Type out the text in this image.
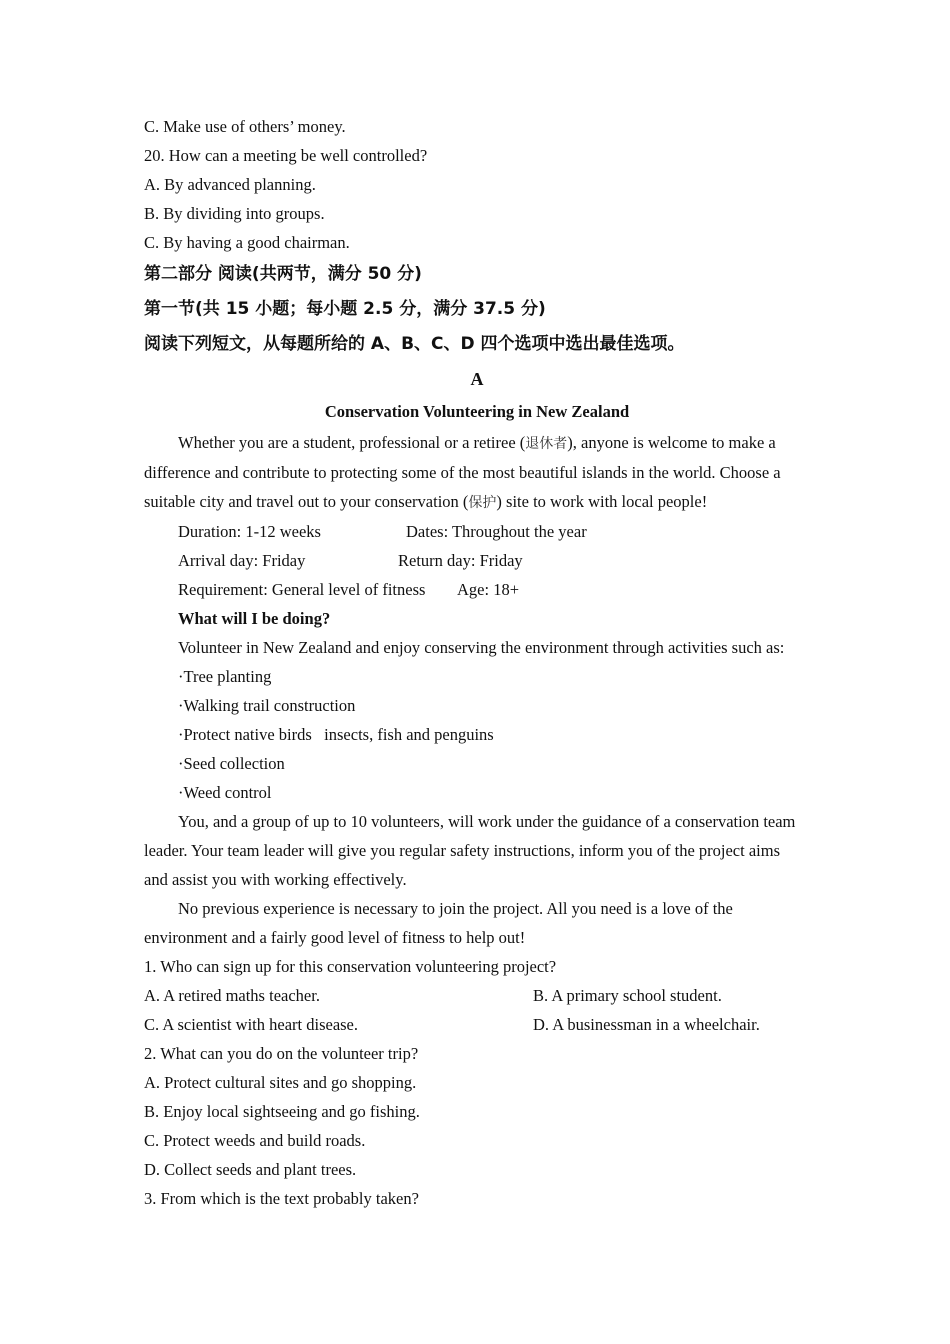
C. Make use of others’ money.
20. How can a meeting be well controlled?
A. By advanced planning.
B. By dividing into groups.
C. By having a good chairman.
第二部分 阅读(共两节，满分 50 分)
第一节(共 15 小题；每小题 2.5 分，满分 37.5 分)
阅读下列短文，从每题所给的 A、B、C、D 四个选项中选出最佳选项。
A
Conservation Volunteering in New Zealand
Whether you are a student, professional or a retiree (退休者), anyone is welcome to make a
difference and contribute to protecting some of the most beautiful islands in the world. Choose a
suitable city and travel out to your conservation (保护) site to work with local people!
Duration: 1-12 weeks	Dates: Throughout the year
Arrival day: Friday	Return day: Friday
Requirement: General level of fitness Age: 18+
What will I be doing?
Volunteer in New Zealand and enjoy conserving the environment through activities such as:
·Tree planting
·Walking trail construction
·Protect native birds   insects, fish and penguins
·Seed collection
·Weed control
You, and a group of up to 10 volunteers, will work under the guidance of a conservation team
leader. Your team leader will give you regular safety instructions, inform you of the project aims
and assist you with working effectively.
No previous experience is necessary to join the project. All you need is a love of the
environment and a fairly good level of fitness to help out!
1. Who can sign up for this conservation volunteering project?
A. A retired maths teacher.	B. A primary school student.
C. A scientist with heart disease.	D. A businessman in a wheelchair.
2. What can you do on the volunteer trip?
A. Protect cultural sites and go shopping.
B. Enjoy local sightseeing and go fishing.
C. Protect weeds and build roads.
D. Collect seeds and plant trees.
3. From which is the text probably taken?
